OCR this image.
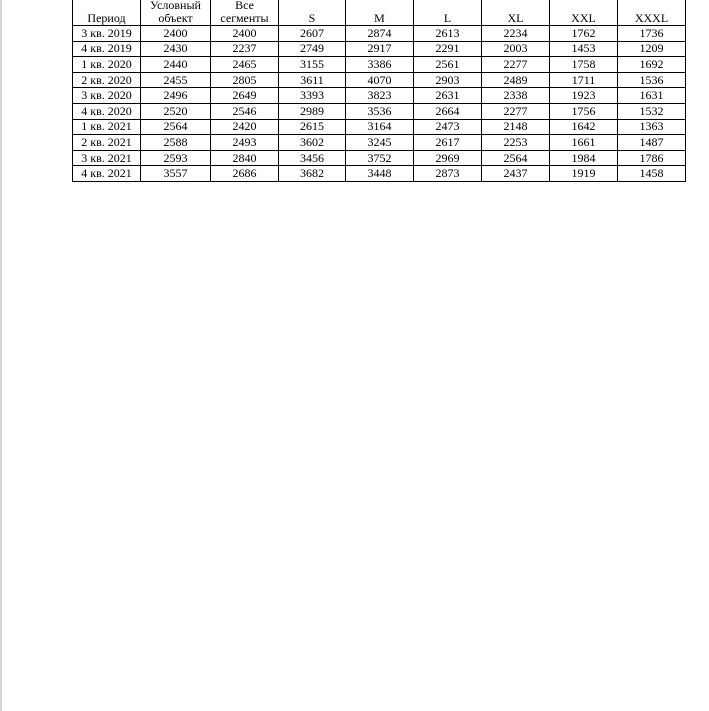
Период	Условный объект	Все сегменты	S	M	L	XL	XXL	XXXL
3 кв. 2019	2400	2400	2607	2874	2613	2234	1762	1736
4 кв. 2019	2430	2237	2749	2917	2291	2003	1453	1209
1 кв. 2020	2440	2465	3155	3386	2561	2277	1758	1692
2 кв. 2020	2455	2805	3611	4070	2903	2489	1711	1536
3 кв. 2020	2496	2649	3393	3823	2631	2338	1923	1631
4 кв. 2020	2520	2546	2989	3536	2664	2277	1756	1532
1 кв. 2021	2564	2420	2615	3164	2473	2148	1642	1363
2 кв. 2021	2588	2493	3602	3245	2617	2253	1661	1487
3 кв. 2021	2593	2840	3456	3752	2969	2564	1984	1786
4 кв. 2021	3557	2686	3682	3448	2873	2437	1919	1458
